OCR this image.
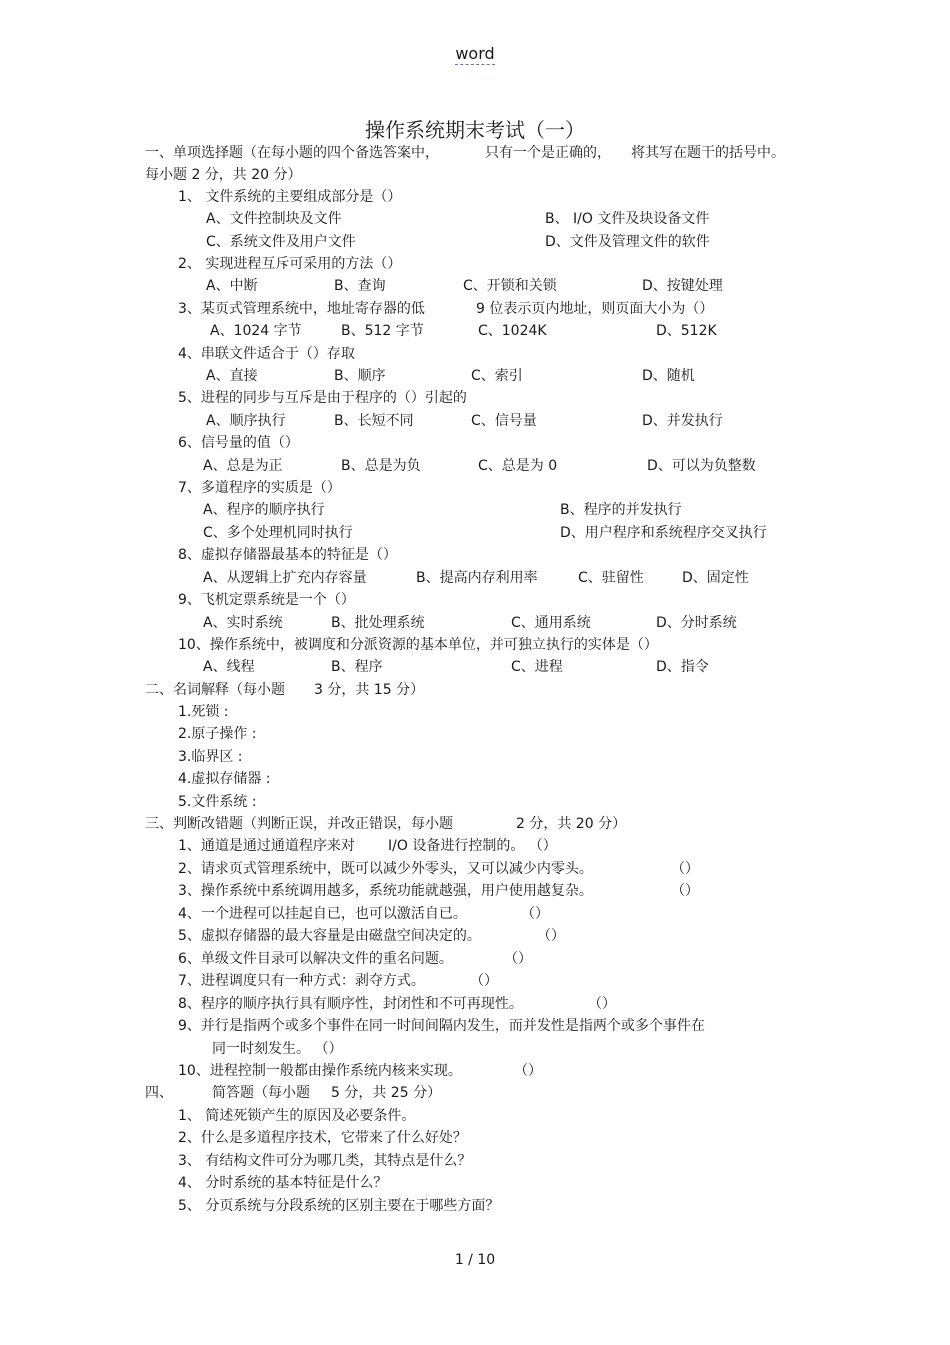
word
操作系统期末考试（一）
一、单项选择题（在每小题的四个备选答案中，	只有一个是正确的， 将其写在题干的括号中。
每小题 2 分，共 20 分）
1、 文件系统的主要组成部分是（）
A、文件控制块及文件	B、 I/O 文件及块设备文件
C、系统文件及用户文件	D、文件及管理文件的软件
2、 实现进程互斥可采用的方法（）
A、中断	B、查询	C、开锁和关锁	D、按键处理
3、某页式管理系统中，地址寄存器的低	9 位表示页内地址，则页面大小为（）
A、1024 字节	B、512 字节	C、1024K	D、512K
4、串联文件适合于（）存取
A、直接	B、顺序	C、索引	D、随机
5、进程的同步与互斥是由于程序的（）引起的
A、顺序执行	B、长短不同	C、信号量	D、并发执行
6、信号量的值（）
A、总是为正	B、总是为负	C、总是为 0	D、可以为负整数
7、多道程序的实质是（）
A、程序的顺序执行	B、程序的并发执行
C、多个处理机同时执行	D、用户程序和系统程序交叉执行
8、虚拟存储器最基本的特征是（）
A、从逻辑上扩充内存容量	B、提高内存利用率	C、驻留性	D、固定性
9、飞机定票系统是一个（）
A、实时系统	B、批处理系统	C、通用系统	D、分时系统
10、操作系统中，被调度和分派资源的基本单位，并可独立执行的实体是（）
A、线程	B、程序	C、进程	D、指令
二、名词解释（每小题 3 分，共 15 分）
1.死锁 :
2.原子操作 :
3.临界区 :
4.虚拟存储器 :
5.文件系统 :
三、判断改错题（判断正误，并改正错误，每小题	2 分，共 20 分）
1、通道是通过通道程序来对 I/O 设备进行控制的。 （）
2、请求页式管理系统中，既可以减少外零头，又可以减少内零头。	（）
3、操作系统中系统调用越多，系统功能就越强，用户使用越复杂。	（）
4、一个进程可以挂起自已，也可以激活自已。	（）
5、虚拟存储器的最大容量是由磁盘空间决定的。	（）
6、单级文件目录可以解决文件的重名问题。	（）
7、进程调度只有一种方式：剥夺方式。	（）
8、程序的顺序执行具有顺序性，封闭性和不可再现性。	（）
9、并行是指两个或多个事件在同一时间间隔内发生，而并发性是指两个或多个事件在
同一时刻发生。 （）
10、进程控制一般都由操作系统内核来实现。	（）
四、	简答题（每小题 5 分，共 25 分）
1、 简述死锁产生的原因及必要条件。
2、什么是多道程序技术，它带来了什么好处？
3、 有结构文件可分为哪几类，其特点是什么？
4、 分时系统的基本特征是什么？
5、 分页系统与分段系统的区别主要在于哪些方面？
1 / 10
